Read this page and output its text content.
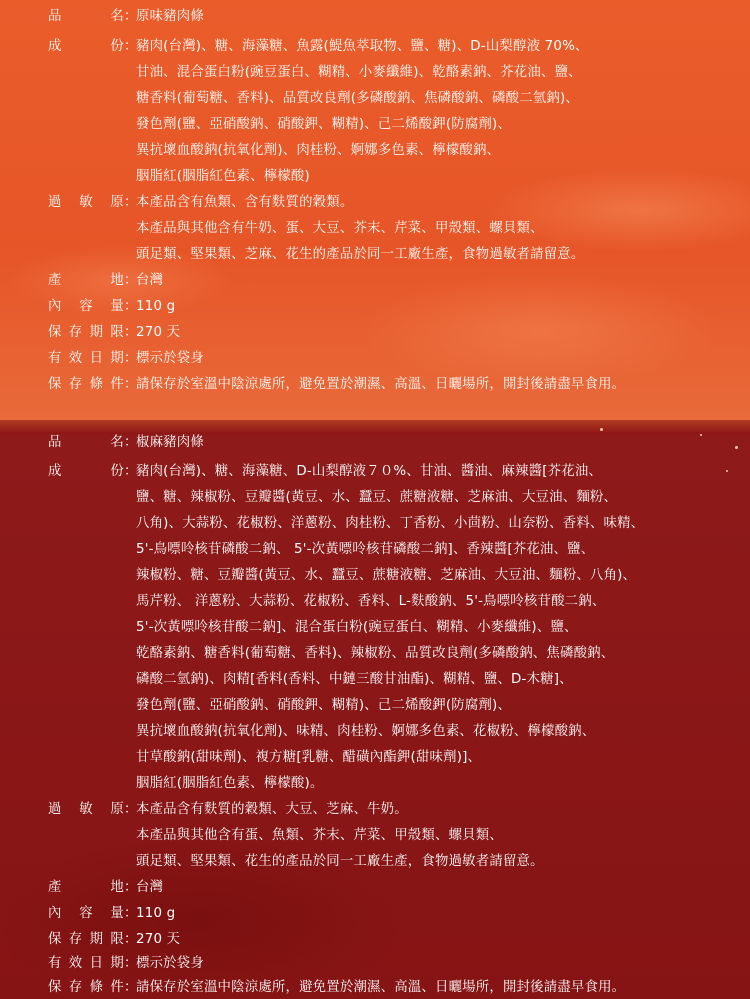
品	名 ：
原味豬肉條
成	份 ：
豬肉(台灣)、糖、海藻糖、魚露(鯷魚萃取物、鹽、糖)、D-山梨醇液 70%、
甘油、混合蛋白粉(豌豆蛋白、糊精、小麥纖維)、乾酪素鈉、芥花油、鹽、
糖香料(葡萄糖、香料)、品質改良劑(多磷酸鈉、焦磷酸鈉、磷酸二氫鈉)、
發色劑(鹽、亞硝酸鈉、硝酸鉀、糊精)、己二烯酸鉀(防腐劑)、
異抗壞血酸鈉(抗氧化劑)、肉桂粉、婀娜多色素、檸檬酸鈉、
胭脂紅(胭脂紅色素、檸檬酸)
過 敏 原 ：
本產品含有魚類、含有麩質的穀類。
本產品與其他含有牛奶、蛋、大豆、芥末、芹菜、甲殼類、螺貝類、
頭足類、堅果類、芝麻、花生的產品於同一工廠生產，食物過敏者請留意。
產	地 ：
台灣
內 容 量 ：
110 g
保 存 期 限 ：
270 天
有 效 日 期 ：
標示於袋身
保 存 條 件 ：
請保存於室溫中陰涼處所，避免置於潮濕、高溫、日曬場所，開封後請盡早食用。
品	名 ：
椒麻豬肉條
成	份 ：
豬肉(台灣)、糖、海藻糖、D-山梨醇液７０%、甘油、醬油、麻辣醬[芥花油、
鹽、糖、辣椒粉、豆瓣醬(黃豆、水、蠶豆、蔗糖液糖、芝麻油、大豆油、麵粉、
八角)、大蒜粉、花椒粉、洋蔥粉、肉桂粉、丁香粉、小茴粉、山奈粉、香料、味精、
5'-鳥嘌呤核苷磷酸二鈉、 5'-次黃嘌呤核苷磷酸二鈉]、香辣醬[芥花油、鹽、
辣椒粉、糖、豆瓣醬(黃豆、水、蠶豆、蔗糖液糖、芝麻油、大豆油、麵粉、八角)、
馬芹粉、 洋蔥粉、大蒜粉、花椒粉、香料、L-麩酸鈉、5'-鳥嘌呤核苷酸二鈉、
5'-次黃嘌呤核苷酸二鈉]、混合蛋白粉(豌豆蛋白、糊精、小麥纖維)、鹽、
乾酪素鈉、糖香料(葡萄糖、香料)、辣椒粉、品質改良劑(多磷酸鈉、焦磷酸鈉、
磷酸二氫鈉)、肉精[香料(香料、中鏈三酸甘油酯)、糊精、鹽、D-木糖]、
發色劑(鹽、亞硝酸鈉、硝酸鉀、糊精)、己二烯酸鉀(防腐劑)、
異抗壞血酸鈉(抗氧化劑)、味精、肉桂粉、婀娜多色素、花椒粉、檸檬酸鈉、
甘草酸鈉(甜味劑)、複方糖[乳糖、醋磺內酯鉀(甜味劑)]、
胭脂紅(胭脂紅色素、檸檬酸)。
過 敏 原 ：
本產品含有麩質的穀類、大豆、芝麻、牛奶。
本產品與其他含有蛋、魚類、芥末、芹菜、甲殼類、螺貝類、
頭足類、堅果類、花生的產品於同一工廠生產，食物過敏者請留意。
產	地 ：
台灣
內 容 量 ：
110 g
保 存 期 限 ：
270 天
有 效 日 期 ：
標示於袋身
保 存 條 件 ：
請保存於室溫中陰涼處所，避免置於潮濕、高溫、日曬場所，開封後請盡早食用。
